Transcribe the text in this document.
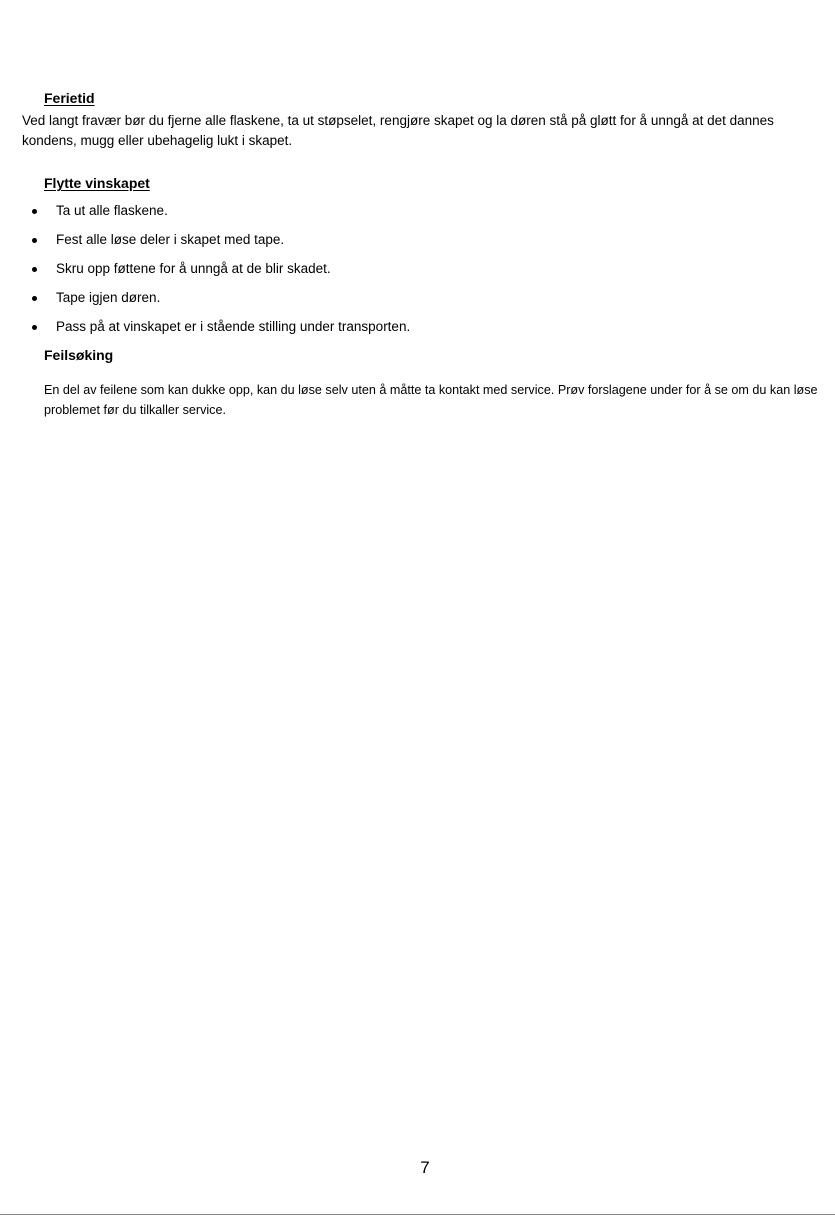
Ferietid

Ved langt fravær bør du fjerne alle flaskene, ta ut støpselet, rengjøre skapet og la døren stå på gløtt for å unngå at det dannes kondens, mugg eller ubehagelig lukt i skapet.

Flytte vinskapet
Ta ut alle flaskene.
Fest alle løse deler i skapet med tape.
Skru opp føttene for å unngå at de blir skadet.
Tape igjen døren.
Pass på at vinskapet er i stående stilling under transporten.
Feilsøking

En del av feilene som kan dukke opp, kan du løse selv uten å måtte ta kontakt med service. Prøv forslagene under for å se om du kan løse problemet før du tilkaller service.

7
